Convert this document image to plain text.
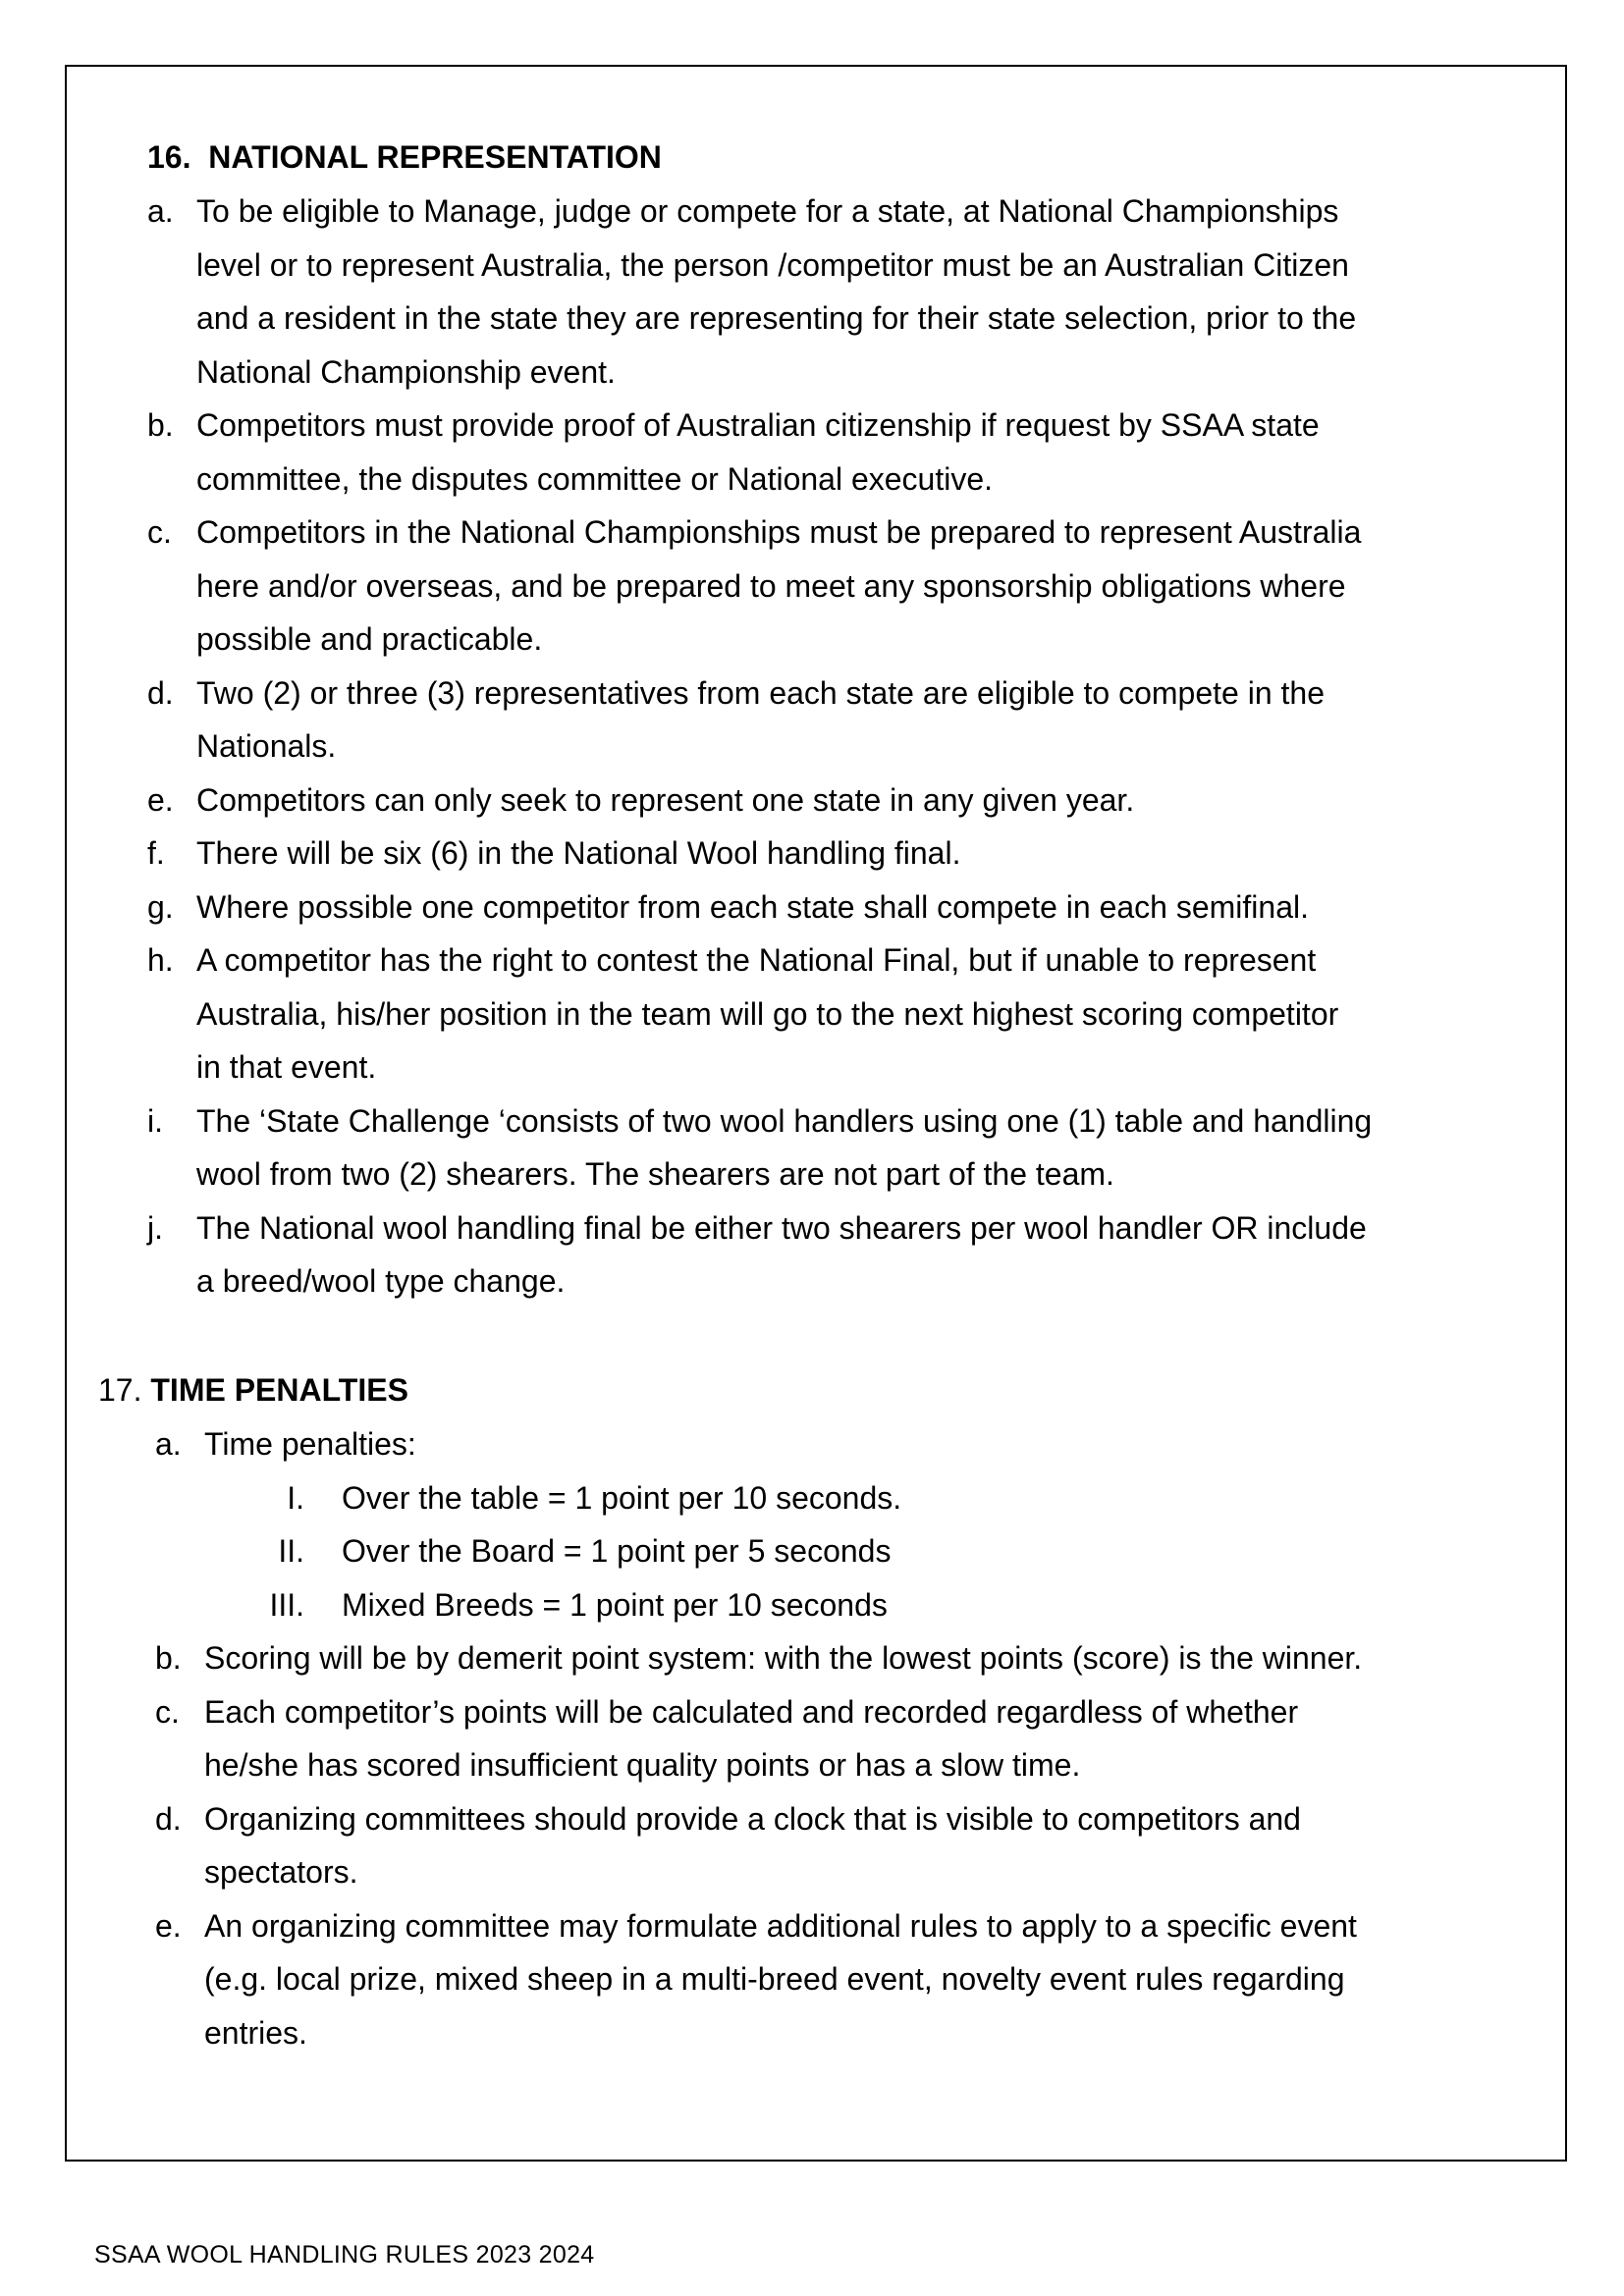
16. NATIONAL REPRESENTATION
a. To be eligible to Manage, judge or compete for a state, at National Championships
level or to represent Australia, the person /competitor must be an Australian Citizen
and a resident in the state they are representing for their state selection, prior to the
National Championship event.
b. Competitors must provide proof of Australian citizenship if request by SSAA state
committee, the disputes committee or National executive.
c. Competitors in the National Championships must be prepared to represent Australia
here and/or overseas, and be prepared to meet any sponsorship obligations where
possible and practicable.
d. Two (2) or three (3) representatives from each state are eligible to compete in the
Nationals.
e. Competitors can only seek to represent one state in any given year.
f. There will be six (6) in the National Wool handling final.
g. Where possible one competitor from each state shall compete in each semifinal.
h. A competitor has the right to contest the National Final, but if unable to represent
Australia, his/her position in the team will go to the next highest scoring competitor
in that event.
i. The ‘State Challenge ‘consists of two wool handlers using one (1) table and handling
wool from two (2) shearers. The shearers are not part of the team.
j. The National wool handling final be either two shearers per wool handler OR include
a breed/wool type change.
17. TIME PENALTIES
a. Time penalties:
I. Over the table = 1 point per 10 seconds.
II. Over the Board = 1 point per 5 seconds
III. Mixed Breeds = 1 point per 10 seconds
b. Scoring will be by demerit point system: with the lowest points (score) is the winner.
c. Each competitor’s points will be calculated and recorded regardless of whether
he/she has scored insufficient quality points or has a slow time.
d. Organizing committees should provide a clock that is visible to competitors and
spectators.
e. An organizing committee may formulate additional rules to apply to a specific event
(e.g. local prize, mixed sheep in a multi-breed event, novelty event rules regarding
entries.
SSAA WOOL HANDLING RULES 2023 2024
